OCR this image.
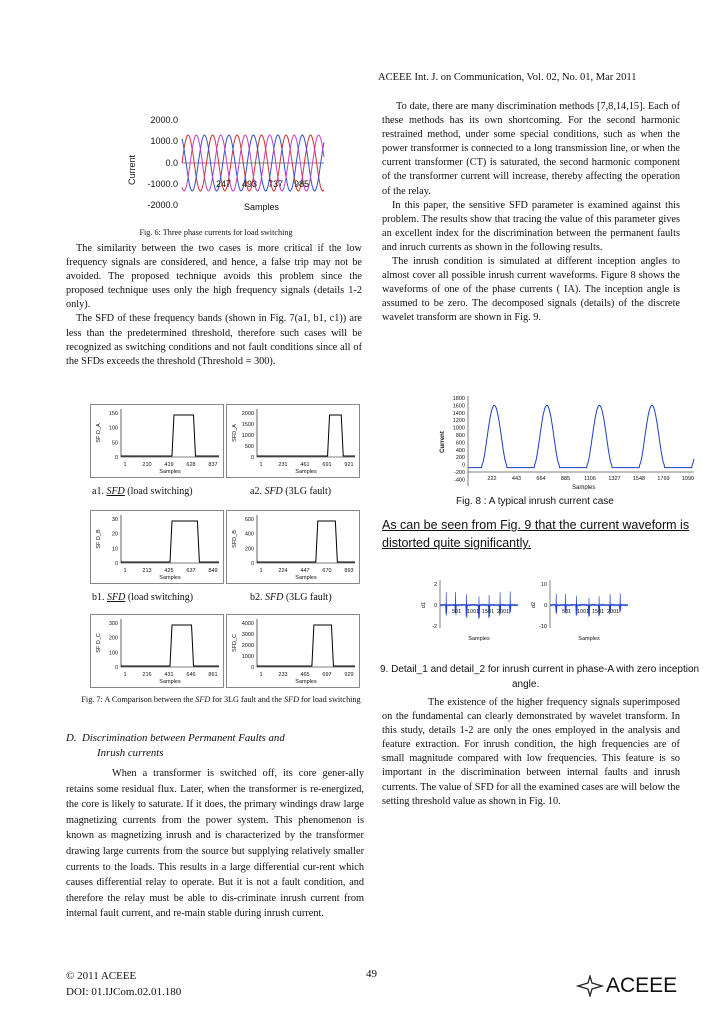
ACEEE Int. J. on Communication, Vol. 02, No. 01, Mar 2011
Current
2000.0
1000.0
0.0
-1000.0
-2000.0
247 493 737 985
Samples
Fig. 6: Three phase currents for load switching

The similarity between the two cases is more critical if the low frequency signals are considered, and hence, a false trip may not be avoided. The proposed technique avoids this problem since the proposed technique uses only the high frequency signals (details 1-2 only).

The SFD of these frequency bands (shown in Fig. 7(a1, b1, c1)) are less than the predetermined threshold, therefore such cases will be recognized as switching conditions and not fault conditions since all of the SFDs exceeds the threshold (Threshold = 300).

SF D_A
150
100
50
0
1	210 419 628 837
Samples
SFD_A
2000
1500
1000
500
0
1	231 461 691 921
Samples
SF D_B
30
20
10
0
1	213 425 637 849
Samples
SFD_B
600
400
200
0
1	224 447 670 893
Samples
SF D_C
300
200
100
0
1	216 431 646 861
Samples
SFD_C
4000
3000
2000
1000
0
1	233 465 697 929
Samples
a1. SFD (load switching)	a2. SFD (3LG fault)
b1. SFD (load switching)	b2. SFD (3LG fault)
Fig. 7: A Comparison between the SFD for 3LG fault and the SFD for load switching
D. Discrimination between Permanent Faults and
Inrush currents

When a transformer is switched off, its core gener-ally retains some residual flux. Later, when the transformer is re-energized, the core is likely to saturate. If it does, the primary windings draw large magnetizing currents from the power system. This phenomenon is known as magnetizing inrush and is characterized by the transformer drawing large currents from the source but supplying relatively smaller currents to the loads. This results in a large differential cur-rent which causes differential relay to operate. But it is not a fault condition, and therefore the relay must be able to dis-criminate inrush current from internal fault current, and re-main stable during inrush current.

To date, there are many discrimination methods [7,8,14,15]. Each of these methods has its own shortcoming. For the second harmonic restrained method, under some special conditions, such as when the power transformer is connected to a long transmission line, or when the current transformer (CT) is saturated, the second harmonic component of the transformer current will increase, thereby affecting the operation of the relay.

In this paper, the sensitive SFD parameter is examined against this problem. The results show that tracing the value of this parameter gives an excellent index for the discrimination between the permanent faults and inruch currents as shown in the following results.

The inrush condition is simulated at different inception angles to almost cover all possible inrush current waveforms. Figure 8 shows the waveforms of one of the phase currents ( IA). The inception angle is assumed to be zero. The decomposed signals (details) of the discrete wavelet transform are shown in Fig. 9.

Current
1800
1600
1400
1200
1000
800
600
400
200
0
-200
-400	222	443	664	885	1106 1327 1548 1769 1990
Samples
Fig. 8 : A typical inrush current case
As can be seen from Fig. 9 that the current waveform is
distorted quite significantly.
d1
2
0
-2
501 1001 1501 2001
Samples
d2
10
0
-10
501 1001 1501 2001
Samples
9. Detail_1 and detail_2 for inrush current in phase-A with zero inception
angle.

The existence of the higher frequency signals superimposed on the fundamental can clearly demonstrated by wavelet transform. In this study, details 1-2 are only the ones employed in the analysis and feature extraction. For inrush condition, the high frequencies are of small magnitude compared with low frequencies. This feature is so important in the discrimination between internal faults and inrush currents. The value of SFD for all the examined cases are will below the setting threshold value as shown in Fig. 10.

© 2011 ACEEE
DOI: 01.IJCom.02.01.180
49	ACEEE
